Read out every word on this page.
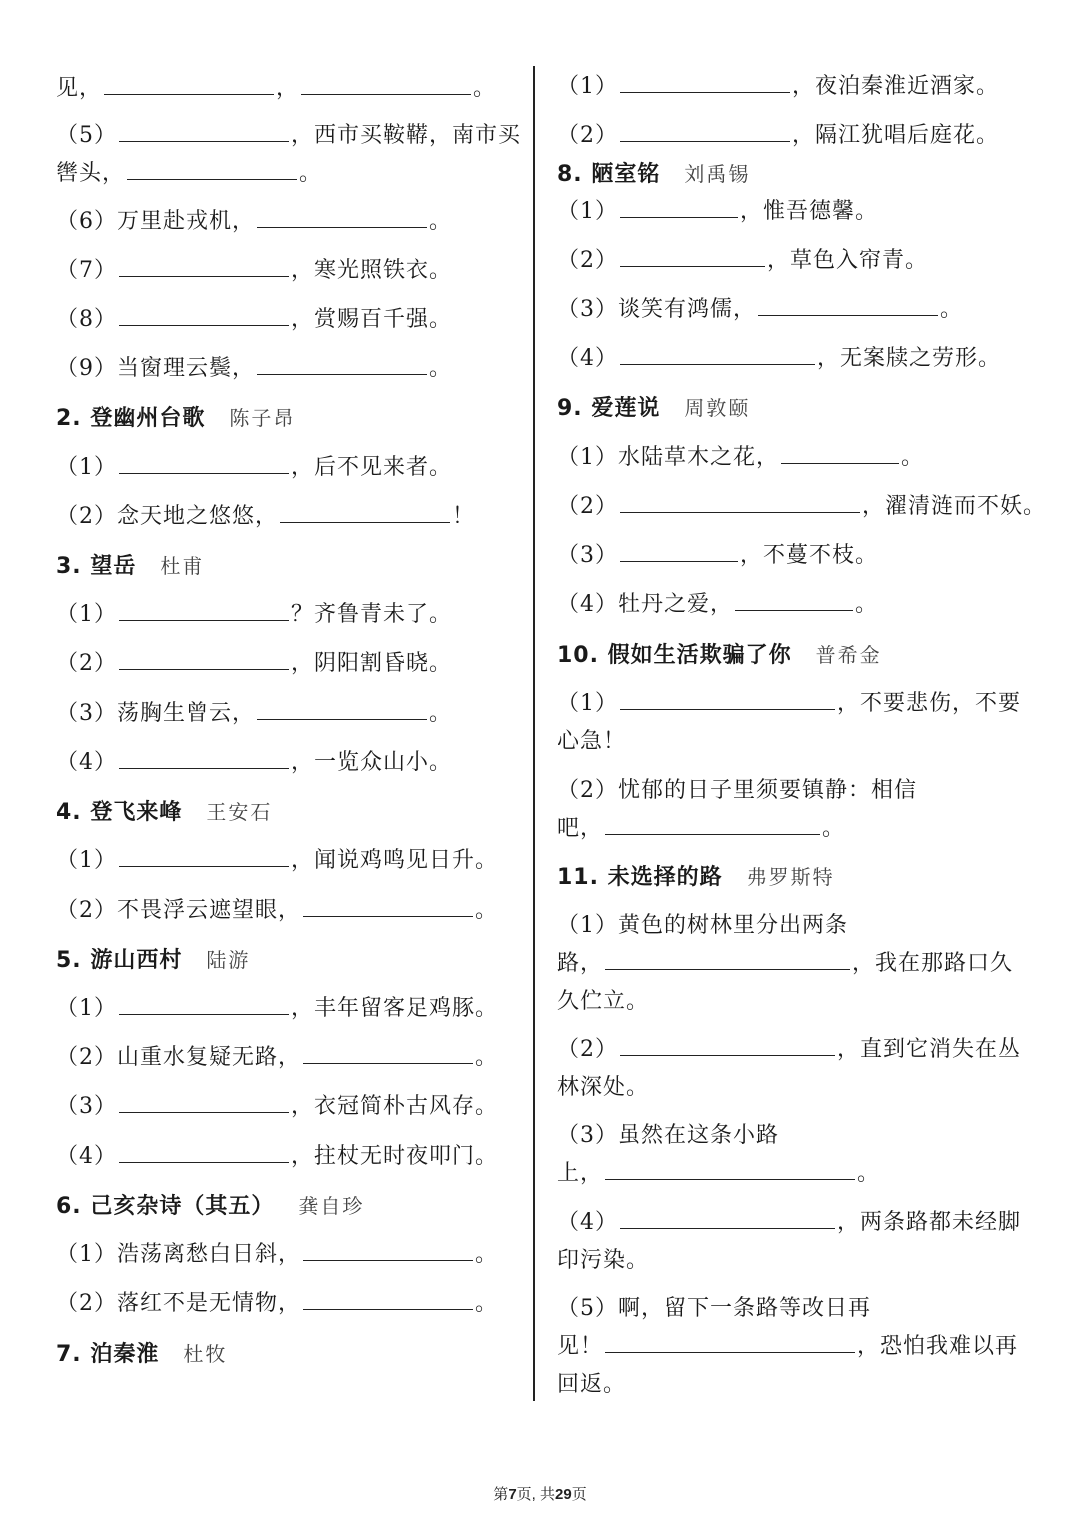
见，	，	。
（5）	，西市买鞍鞯，南市买
辔头，	。
（6）万里赴戎机，	。
（7）	，寒光照铁衣。
（8）	，赏赐百千强。
（9）当窗理云鬓，	。
2. 登幽州台歌 陈子昂
（1）	，后不见来者。
（2）念天地之悠悠，	！
3. 望岳 杜甫
（1）	？齐鲁青未了。
（2）	，阴阳割昏晓。
（3）荡胸生曾云，	。
（4）	，一览众山小。
4. 登飞来峰 王安石
（1）	，闻说鸡鸣见日升。
（2）不畏浮云遮望眼，	。
5. 游山西村 陆游
（1）	，丰年留客足鸡豚。
（2）山重水复疑无路，	。
（3）	，衣冠简朴古风存。
（4）	，拄杖无时夜叩门。
6. 己亥杂诗（其五） 龚自珍
（1）浩荡离愁白日斜，	。
（2）落红不是无情物，	。
7. 泊秦淮 杜牧
（1）	，夜泊秦淮近酒家。
（2）	，隔江犹唱后庭花。
8. 陋室铭 刘禹锡
（1）	，惟吾德馨。
（2）	，草色入帘青。
（3）谈笑有鸿儒，	。
（4）	，无案牍之劳形。
9. 爱莲说 周敦颐
（1）水陆草木之花，	。
（2）	，濯清涟而不妖。
（3）	，不蔓不枝。
（4）牡丹之爱，	。
10. 假如生活欺骗了你 普希金
（1）	，不要悲伤，不要
心急！
（2）忧郁的日子里须要镇静：相信
吧，	。
11. 未选择的路 弗罗斯特
（1）黄色的树林里分出两条
路，	，我在那路口久
久伫立。
（2）	，直到它消失在丛
林深处。
（3）虽然在这条小路
上，	。
（4）	，两条路都未经脚
印污染。
（5）啊，留下一条路等改日再
见！	，恐怕我难以再
回返。
第7页, 共29页
